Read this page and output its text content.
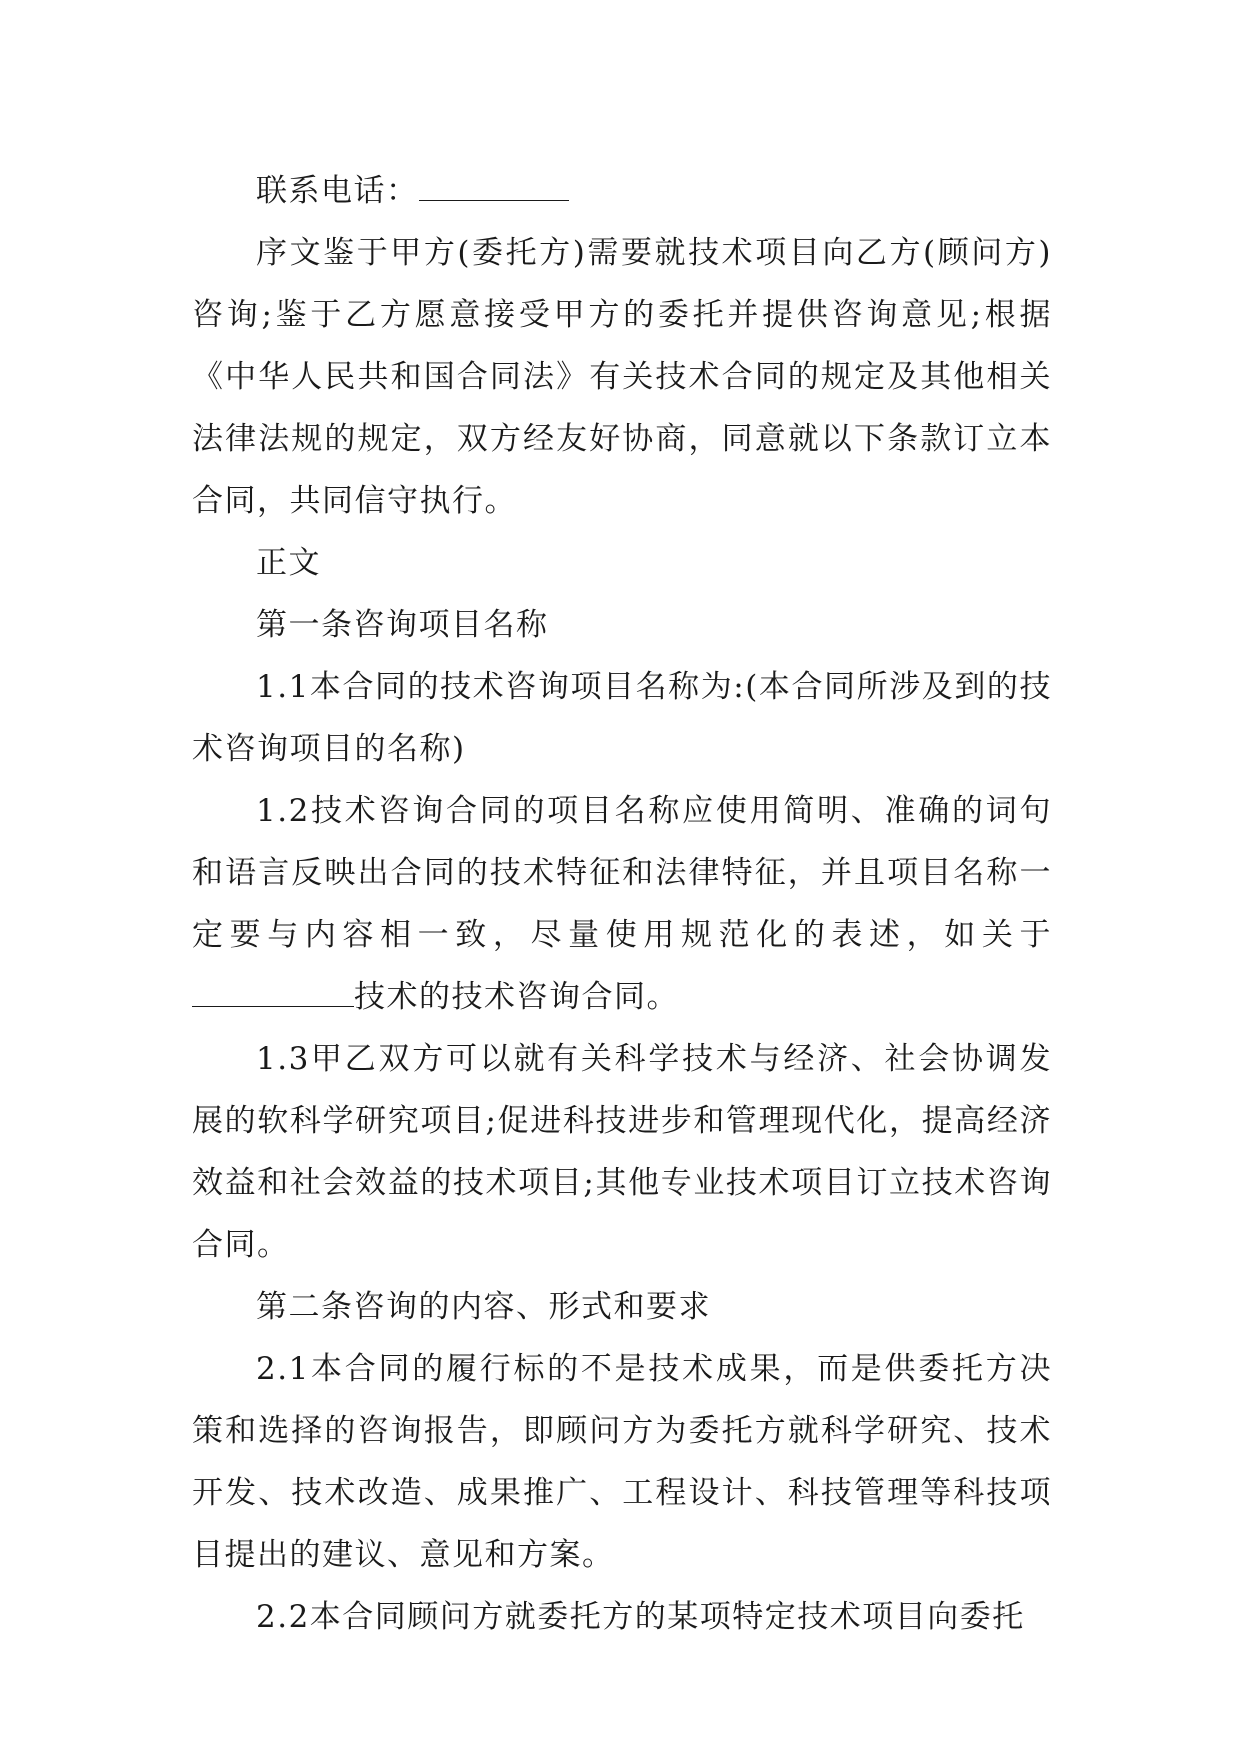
联系电话：

序文鉴于甲方(委托方)需要就技术项目向乙方(顾问方)咨询;鉴于乙方愿意接受甲方的委托并提供咨询意见;根据《中华人民共和国合同法》有关技术合同的规定及其他相关法律法规的规定，双方经友好协商，同意就以下条款订立本合同，共同信守执行。

正文

第一条咨询项目名称

1.1本合同的技术咨询项目名称为:(本合同所涉及到的技术咨询项目的名称)

1.2技术咨询合同的项目名称应使用简明、准确的词句和语言反映出合同的技术特征和法律特征，并且项目名称一定要与内容相一致，尽量使用规范化的表述，如关于技术的技术咨询合同。

1.3甲乙双方可以就有关科学技术与经济、社会协调发展的软科学研究项目;促进科技进步和管理现代化，提高经济效益和社会效益的技术项目;其他专业技术项目订立技术咨询合同。

第二条咨询的内容、形式和要求

2.1本合同的履行标的不是技术成果，而是供委托方决策和选择的咨询报告，即顾问方为委托方就科学研究、技术开发、技术改造、成果推广、工程设计、科技管理等科技项目提出的建议、意见和方案。

2.2本合同顾问方就委托方的某项特定技术项目向委托
